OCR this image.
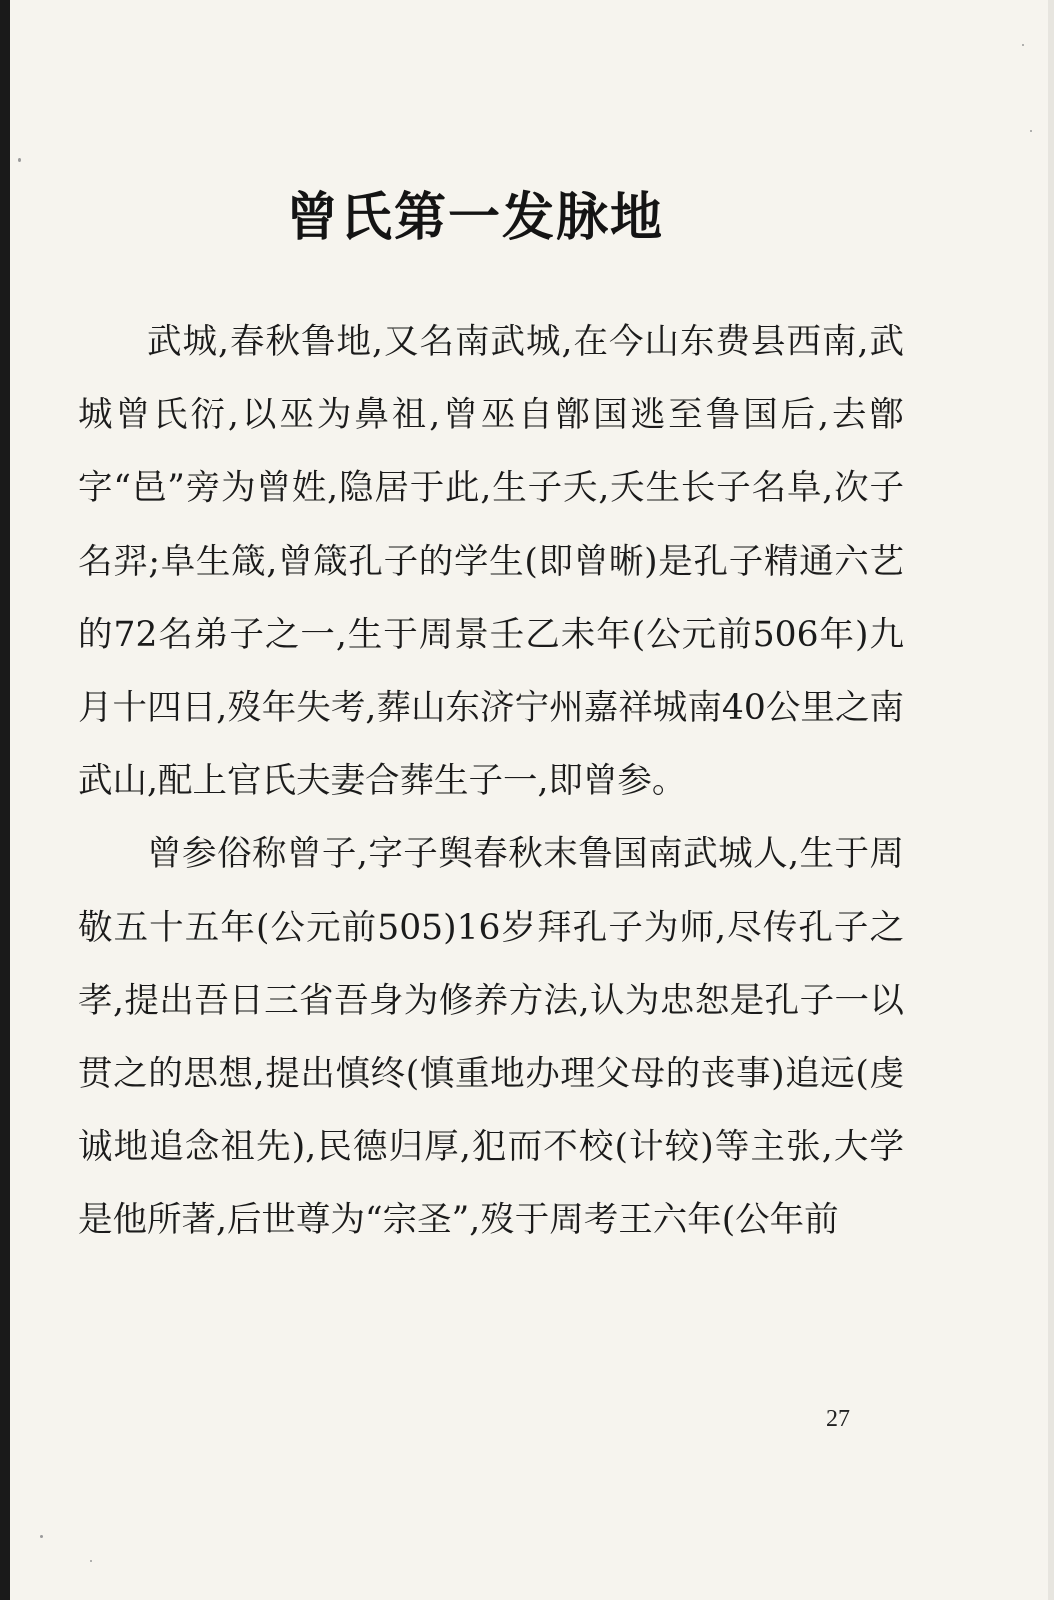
曾氏第一发脉地

武城,春秋鲁地,又名南武城,在今山东费县西南,武城曾氏衍,以巫为鼻祖,曾巫自鄫国逃至鲁国后,去鄫字“邑”旁为曾姓,隐居于此,生子夭,夭生长子名阜,次子名羿;阜生箴,曾箴孔子的学生(即曾晰)是孔子精通六艺的72名弟子之一,生于周景壬乙未年(公元前506年)九月十四日,歿年失考,葬山东济宁州嘉祥城南40公里之南武山,配上官氏夫妻合葬生子一,即曾参。

曾参俗称曾子,字子舆春秋末鲁国南武城人,生于周敬五十五年(公元前505)16岁拜孔子为师,尽传孔子之孝,提出吾日三省吾身为修养方法,认为忠恕是孔子一以贯之的思想,提出慎终(慎重地办理父母的丧事)追远(虔诚地追念祖先),民德归厚,犯而不校(计较)等主张,大学是他所著,后世尊为“宗圣”,歿于周考王六年(公年前

27
